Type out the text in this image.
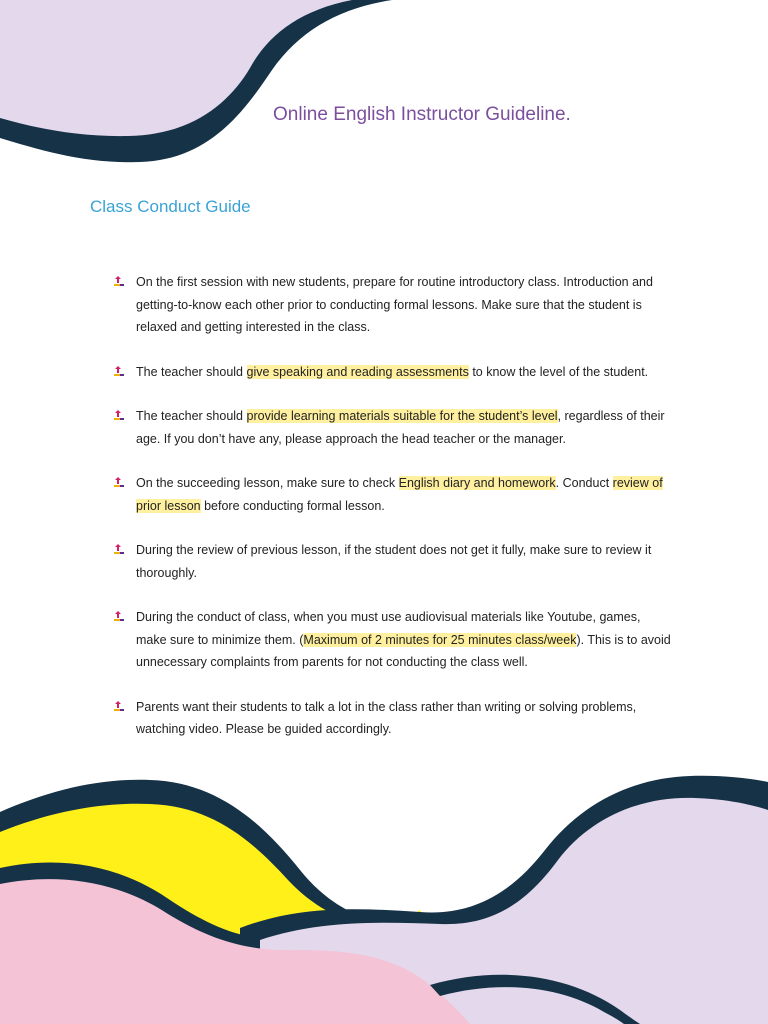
Online English Instructor Guideline.
Class Conduct Guide
On the first session with new students, prepare for routine introductory class. Introduction and getting-to-know each other prior to conducting formal lessons. Make sure that the student is relaxed and getting interested in the class.
The teacher should give speaking and reading assessments to know the level of the student.
The teacher should provide learning materials suitable for the student’s level, regardless of their age. If you don’t have any, please approach the head teacher or the manager.
On the succeeding lesson, make sure to check English diary and homework. Conduct review of prior lesson before conducting formal lesson.
During the review of previous lesson, if the student does not get it fully, make sure to review it thoroughly.
During the conduct of class, when you must use audiovisual materials like Youtube, games, make sure to minimize them. (Maximum of 2 minutes for 25 minutes class/week). This is to avoid unnecessary complaints from parents for not conducting the class well.
Parents want their students to talk a lot in the class rather than writing or solving problems, watching video. Please be guided accordingly.
